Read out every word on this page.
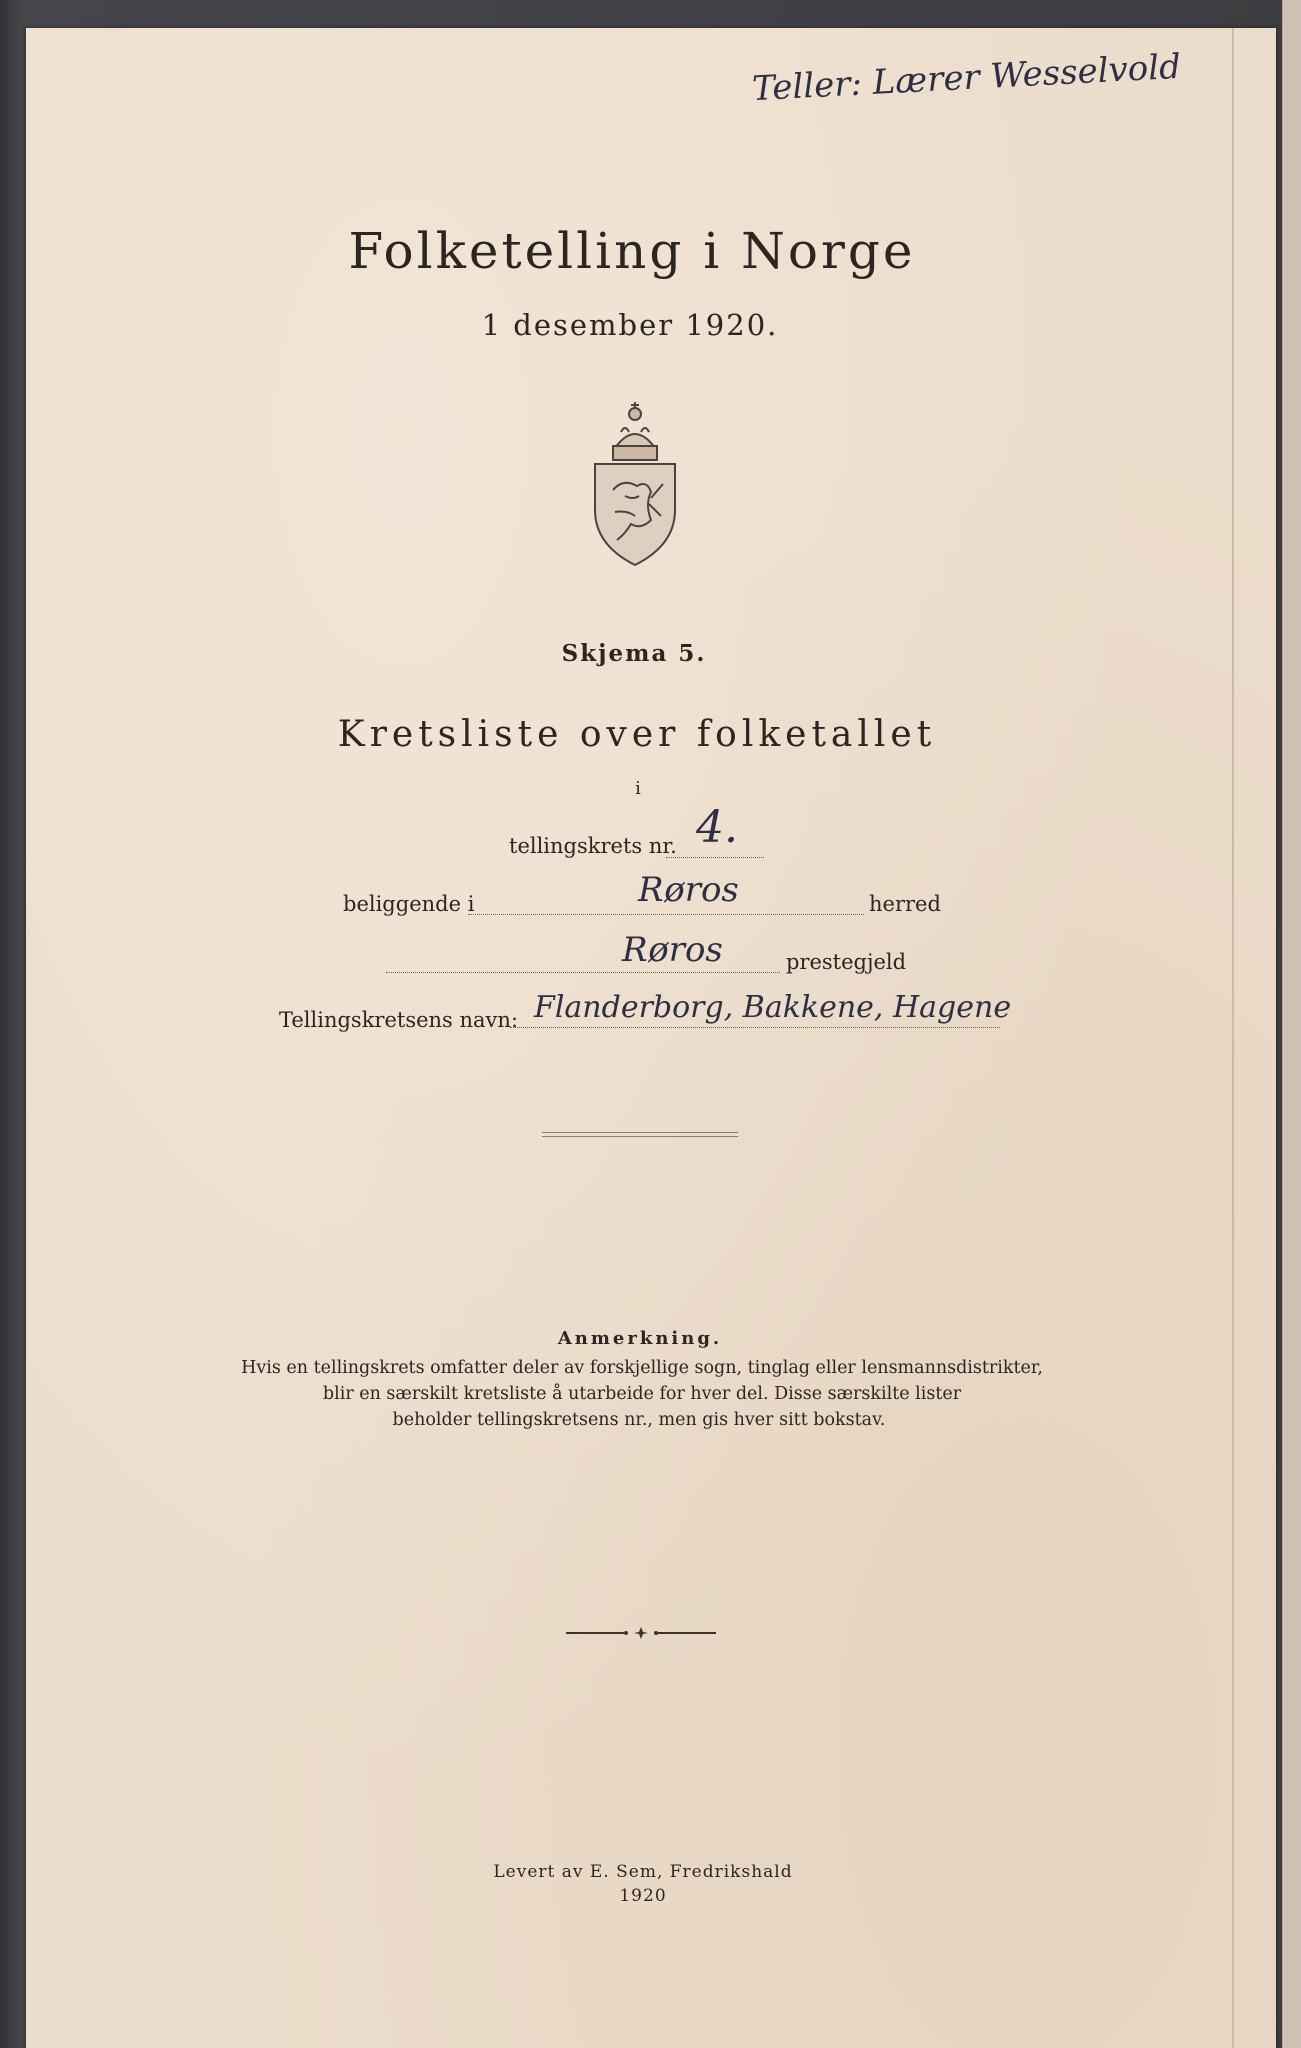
Teller: Lærer Wesselvold
Folketelling i Norge
1 desember 1920.
Skjema 5.
Kretsliste over folketallet
i
tellingskrets nr. 4.
beliggende i	Røros	herred
Røros	prestegjeld
Tellingskretsens navn: Flanderborg, Bakkene, Hagene
Anmerkning.
Hvis en tellingskrets omfatter deler av forskjellige sogn, tinglag eller lensmannsdistrikter,
blir en særskilt kretsliste å utarbeide for hver del. Disse særskilte lister
beholder tellingskretsens nr., men gis hver sitt bokstav.
Levert av E. Sem, Fredrikshald
1920
